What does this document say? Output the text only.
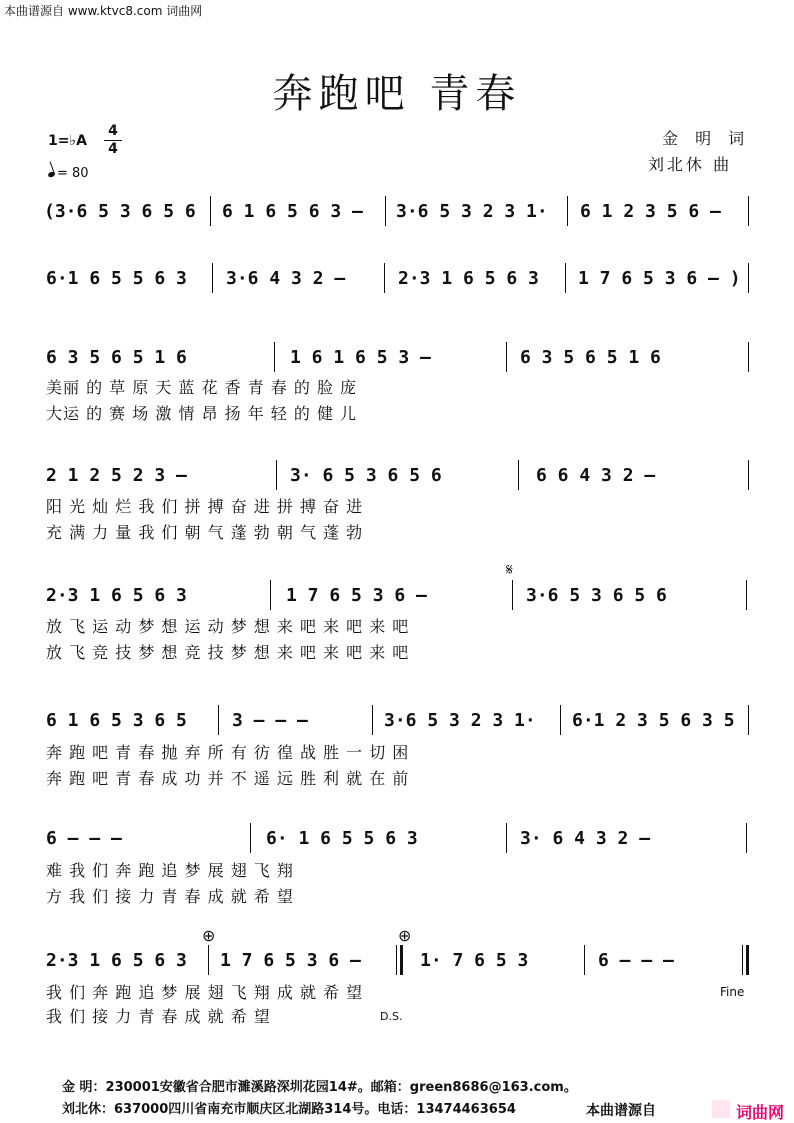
本曲谱源自 www.ktvc8.com 词曲网
奔跑吧 青春
1=♭A
4
4
= 80
金 明 词
刘北休 曲
(3·6 5 3 6 5 6 6 1 6 5 6 3 – 3·6 5 3 2 3 1· 6 1 2 3 5 6 –
6·1 6 5 5 6 3 3·6 4 3 2 –	2·3 1 6 5 6 3 1 7 6 5 3 6 – )
6 3 5 6 5 1 6	1 6 1 6 5 3 –	6 3 5 6 5 1 6
美丽 的 草 原 天 蓝 花 香 青 春 的 脸 庞
大运 的 赛 场 激 情 昂 扬 年 轻 的 健 儿
2 1 2 5 2 3 –	3· 6 5 3 6 5 6	6 6 4 3 2 –
阳 光 灿 烂 我 们 拼 搏 奋 进 拼 搏 奋 进
充 满 力 量 我 们 朝 气 蓬 勃 朝 气 蓬 勃
𝄋
2·3 1 6 5 6 3	1 7 6 5 3 6 –	3·6 5 3 6 5 6
放 飞 运 动 梦 想 运 动 梦 想 来 吧 来 吧 来 吧
放 飞 竞 技 梦 想 竞 技 梦 想 来 吧 来 吧 来 吧
6 1 6 5 3 6 5	3 – – –	3·6 5 3 2 3 1· 6·1 2 3 5 6 3 5
奔 跑 吧 青 春 抛 弃 所 有 彷 徨 战 胜 一 切 困
奔 跑 吧 青 春 成 功 并 不 遥 远 胜 利 就 在 前
6 – – –	6· 1 6 5 5 6 3	3· 6 4 3 2 –
难 我 们 奔 跑 追 梦 展 翅 飞 翔
方 我 们 接 力 青 春 成 就 希 望
⊕	⊕
2·3 1 6 5 6 3 1 7 6 5 3 6 –	1· 7 6 5 3	6 – – –
我 们 奔 跑 追 梦 展 翅 飞 翔 成 就 希 望
我 们 接 力 青 春 成 就 希 望
Fine
D.S.
金 明：230001安徽省合肥市濉溪路深圳花园14#。邮箱：green8686@163.com。
刘北休：637000四川省南充市顺庆区北湖路314号。电话：13474463654	本曲谱源自	词曲网
